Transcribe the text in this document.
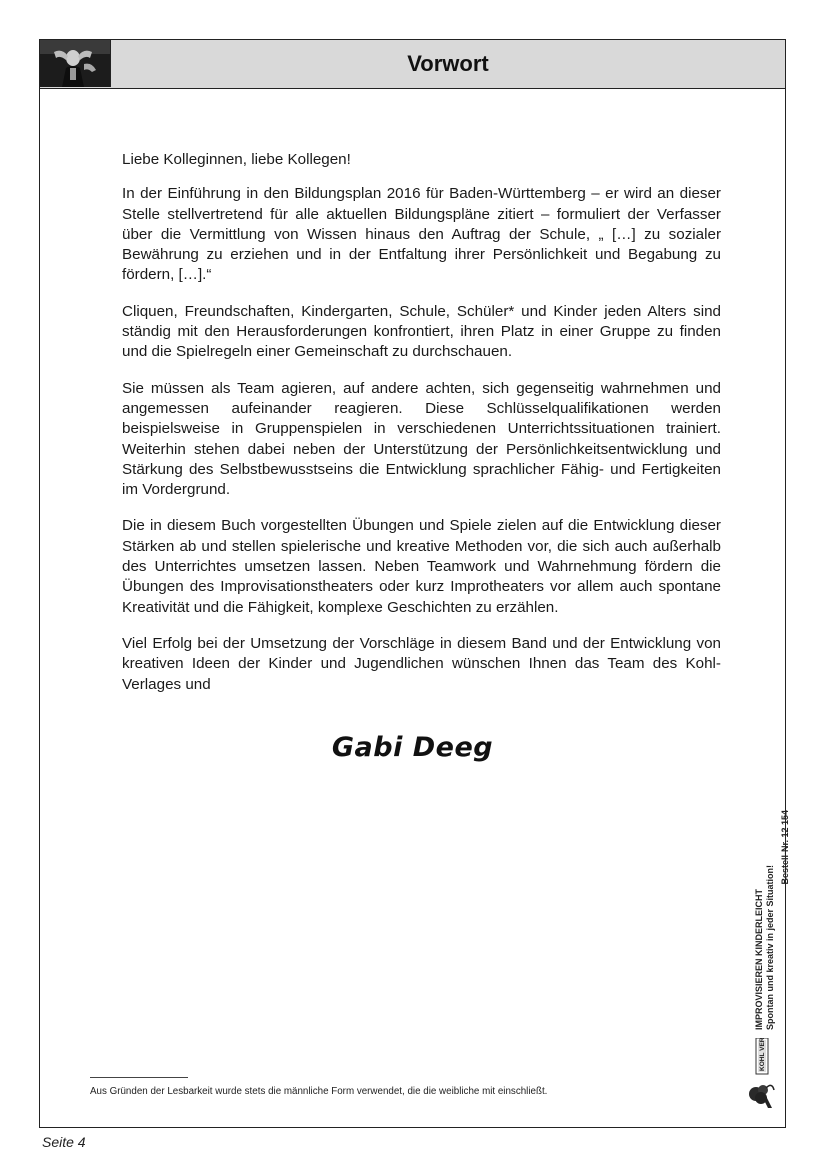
Vorwort

Liebe Kolleginnen, liebe Kollegen!

In der Einführung in den Bildungsplan 2016 für Baden-Württemberg – er wird an dieser Stelle stellvertretend für alle aktuellen Bildungspläne zitiert – formuliert der Verfasser über die Vermittlung von Wissen hinaus den Auftrag der Schule, „ […] zu sozialer Bewährung zu erziehen und in der Entfaltung ihrer Persönlichkeit und Begabung zu fördern, […].“

Cliquen, Freundschaften, Kindergarten, Schule, Schüler* und Kinder jeden Alters sind ständig mit den Herausforderungen konfrontiert, ihren Platz in einer Gruppe zu finden und die Spielregeln einer Gemeinschaft zu durchschauen.

Sie müssen als Team agieren, auf andere achten, sich gegenseitig wahrnehmen und angemessen aufeinander reagieren. Diese Schlüsselqualifikationen werden beispielsweise in Gruppenspielen in verschiedenen Unterrichtssituationen trainiert. Weiterhin stehen dabei neben der Unterstützung der Persönlichkeitsentwicklung und Stärkung des Selbstbewusstseins die Entwicklung sprachlicher Fähig- und Fertigkeiten im Vordergrund.

Die in diesem Buch vorgestellten Übungen und Spiele zielen auf die Entwicklung dieser Stärken ab und stellen spielerische und kreative Methoden vor, die sich auch außerhalb des Unterrichtes umsetzen lassen. Neben Teamwork und Wahrnehmung fördern die Übungen des Improvisationstheaters oder kurz Improtheaters vor allem auch spontane Kreativität und die Fähigkeit, komplexe Geschichten zu erzählen.

Viel Erfolg bei der Umsetzung der Vorschläge in diesem Band und der Entwicklung von kreativen Ideen der Kinder und Jugendlichen wünschen Ihnen das Team des Kohl-Verlages und

Gabi Deeg
Aus Gründen der Lesbarkeit wurde stets die männliche Form verwendet, die die weibliche mit einschließt.
IMPROVISIEREN KINDERLEICHT Spontan und kreativ in jeder Situation!
– Bestell-Nr. 12 154
KOHL VERLAG
Seite 4
